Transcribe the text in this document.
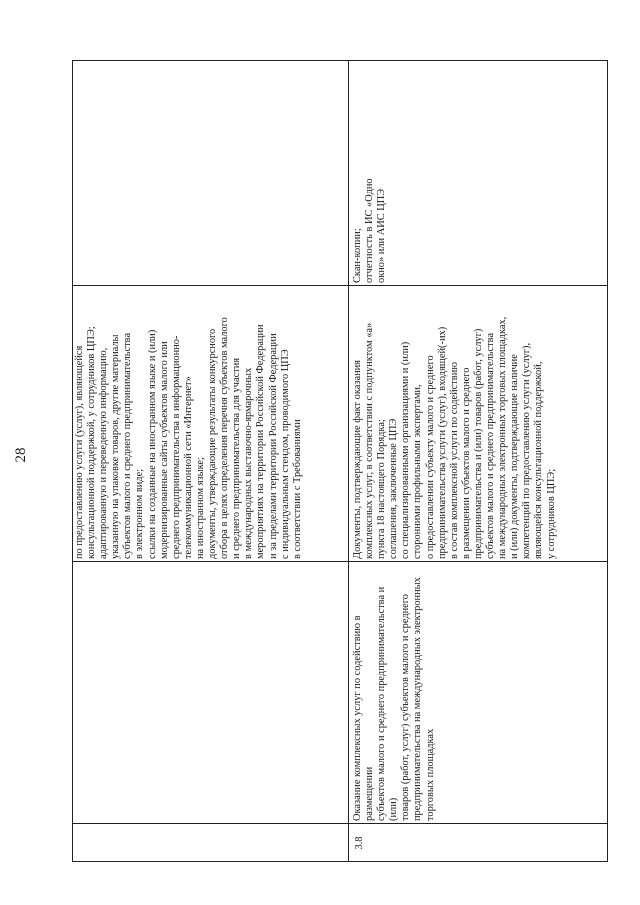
28	по предоставлению услуги (услуг), являющейся консультационной поддержкой, у сотрудников ЦПЭ; адаптированную и переведенную информацию, указанную на упаковке товаров, другие материалы субъектов малого и среднего предпринимательства в электронном виде; ссылки на созданные на иностранном языке и (или) модернизированные сайты субъектов малого или среднего предпринимательства в информационно- телекоммуникационной сети «Интернет» на иностранном языке; документы, утверждающие результаты конкурсного отбора в целях определения перечня субъектов малого и среднего предпринимательства для участия в международных выставочно-ярмарочных мероприятиях на территории Российской Федерации и за пределами территории Российской Федерации с индивидуальным стендом, проводимого ЦПЭ в соответствии с Требованиями

3.8

Оказание комплексных услуг по содействию в размещении субъектов малого и среднего предпринимательства и (или) товаров (работ, услуг) субъектов малого и среднего предпринимательства на международных электронных торговых площадках

Документы, подтверждающие факт оказания комплексных услуг, в соответствии с подпунктом «а» пункта 18 настоящего Порядка; соглашения, заключенные ЦПЭ со специализированными организациями и (или) сторонними профильными экспертами, о предоставлении субъекту малого и среднего предпринимательства услуги (услуг), входящей(-их) в состав комплексной услуги по содействию в размещении субъектов малого и среднего предпринимательства и (или) товаров (работ, услуг) субъектов малого и среднего предпринимательства на международных электронных торговых площадках, и (или) документы, подтверждающие наличие компетенций по предоставлению услуги (услуг), являющейся консультационной поддержкой, у сотрудников ЦПЭ;

Скан-копии; отчетность в ИС «Одно окно» или АИС ЦПЭ
